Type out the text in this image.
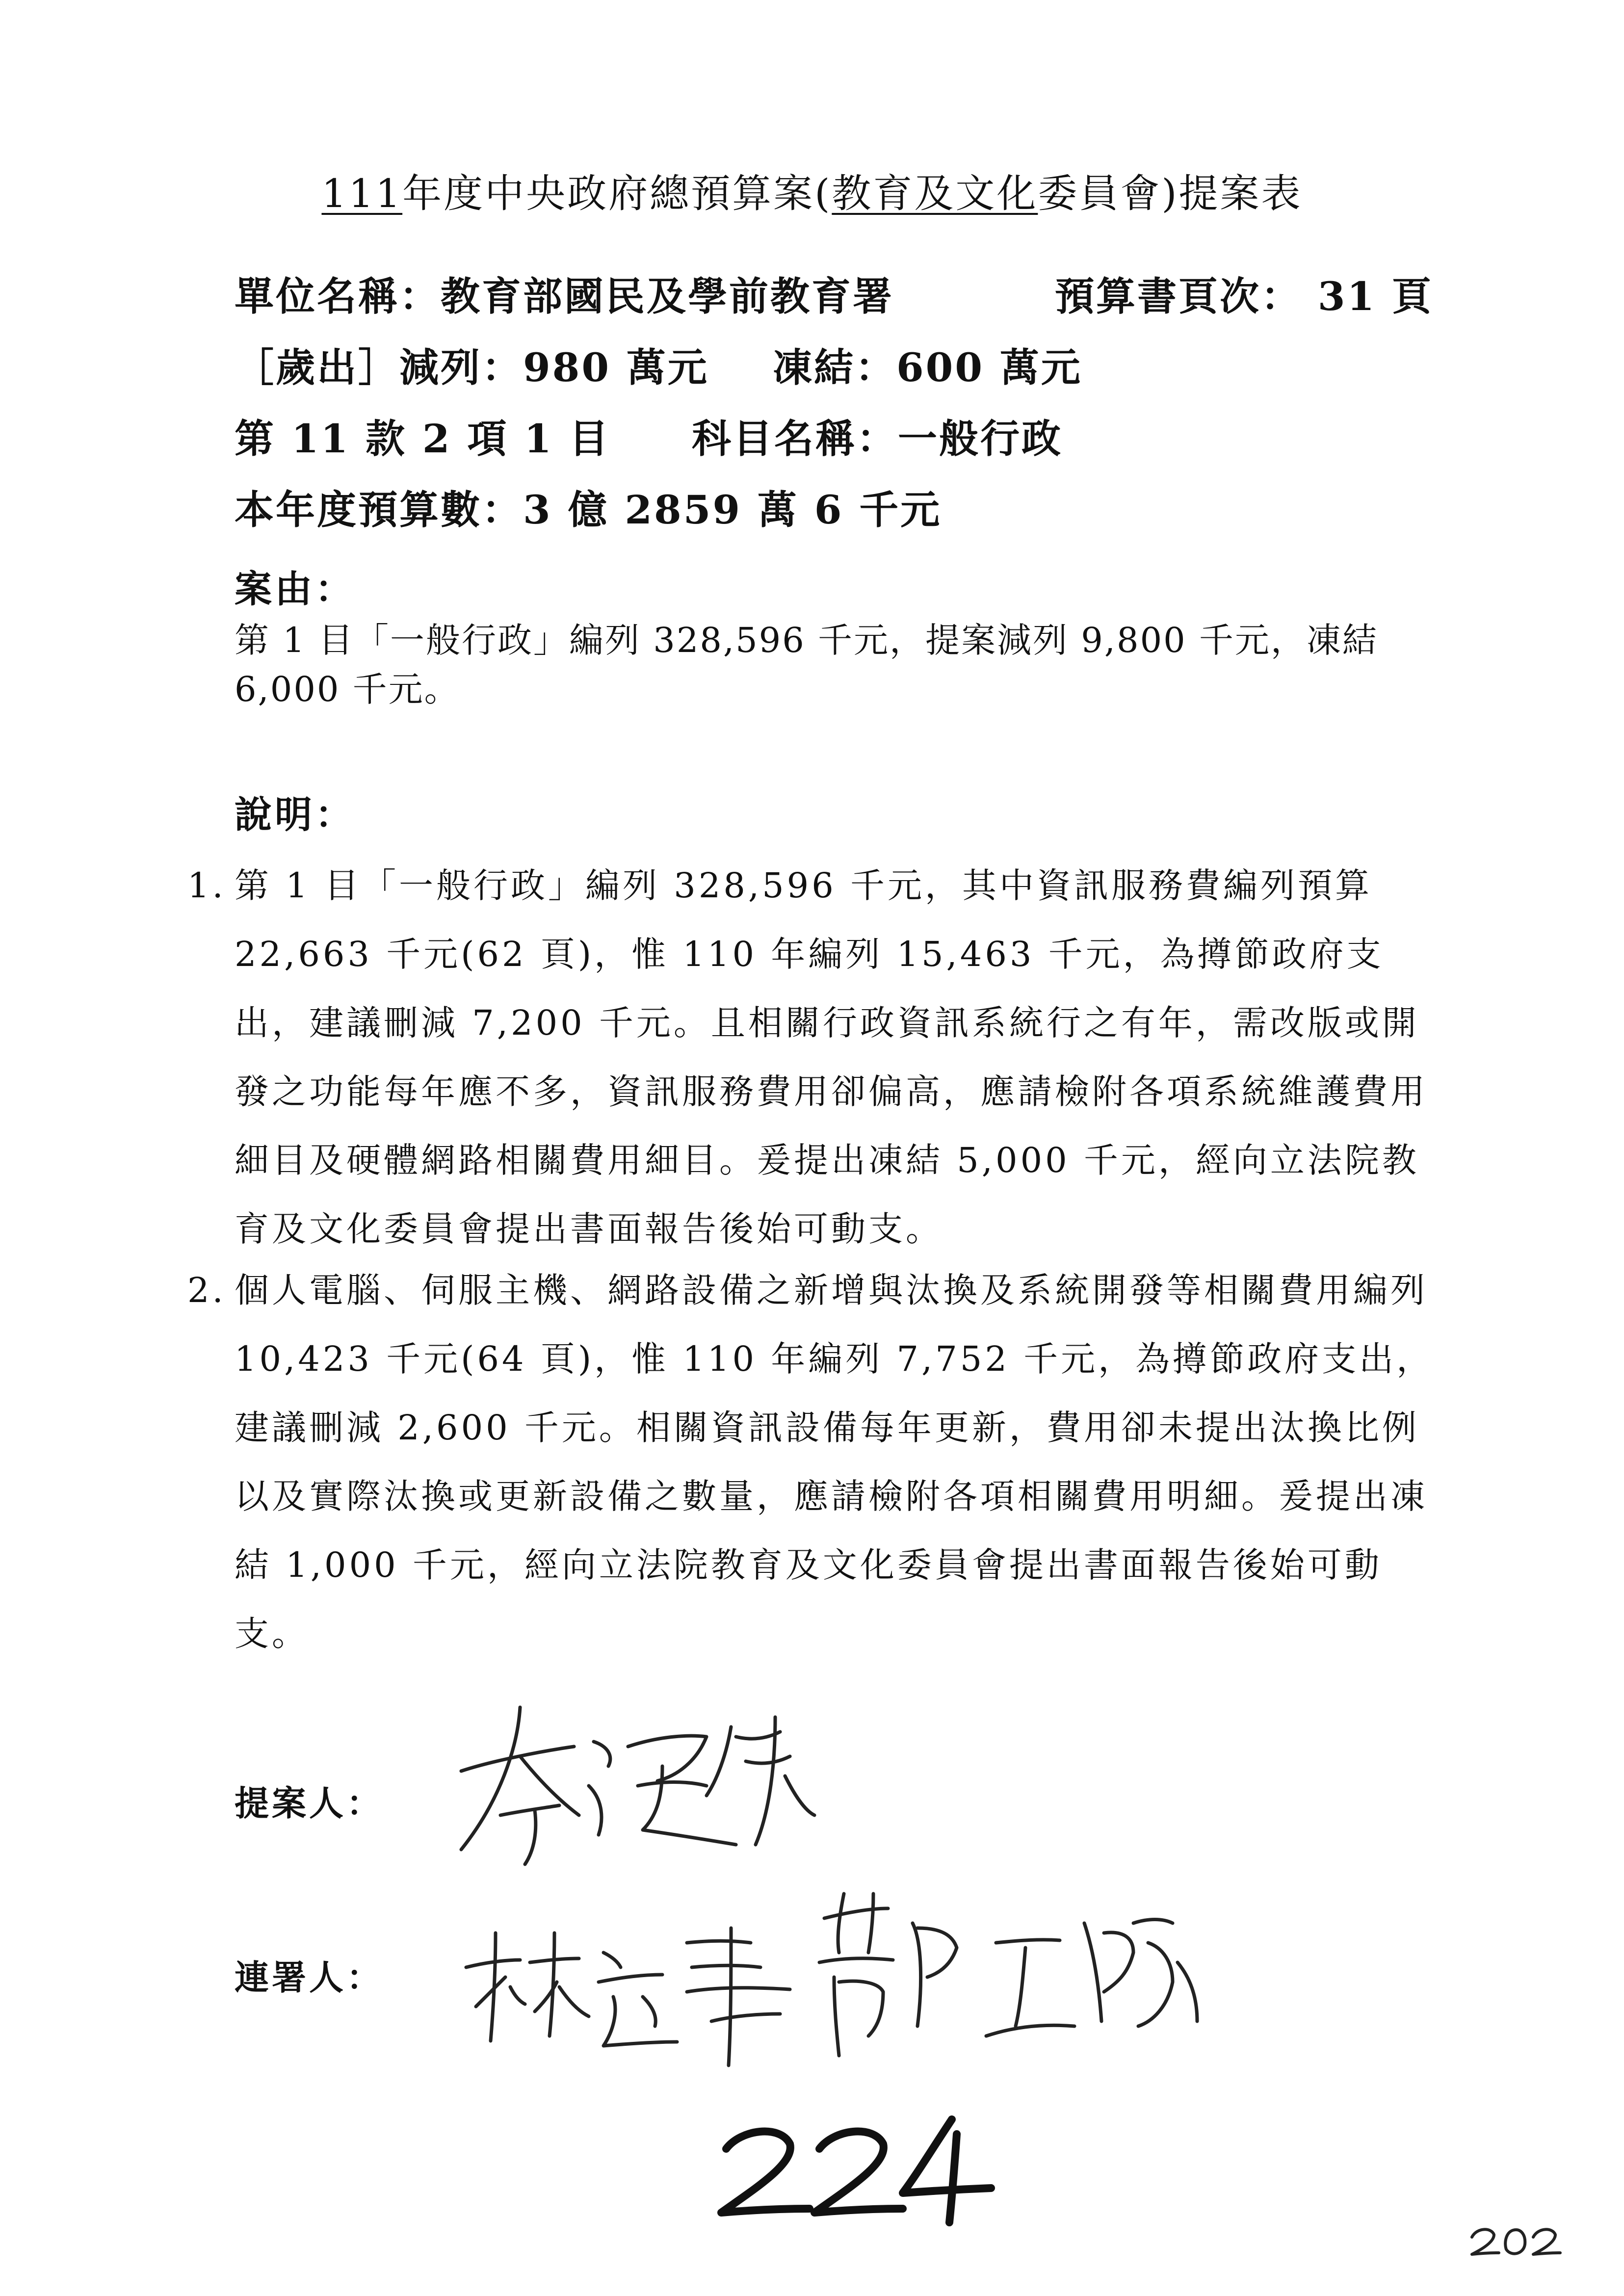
111年度中央政府總預算案(教育及文化委員會)提案表
單位名稱：教育部國民及學前教育署	預算書頁次： 31 頁
［歲出］減列：980 萬元 凍結：600 萬元
第 11 款 2 項 1 目 科目名稱：一般行政
本年度預算數：3 億 2859 萬 6 千元
案由：
第 1 目「一般行政」編列 328,596 千元，提案減列 9,800 千元，凍結 6,000 千元。
說明：
1. 第 1 目「一般行政」編列 328,596 千元，其中資訊服務費編列預算 22,663 千元(62 頁)，惟 110 年編列 15,463 千元，為撙節政府支出，建議刪減 7,200 千元。且相關行政資訊系統行之有年，需改版或開發之功能每年應不多，資訊服務費用卻偏高，應請檢附各項系統維護費用細目及硬體網路相關費用細目。爰提出凍結 5,000 千元，經向立法院教育及文化委員會提出書面報告後始可動支。
2. 個人電腦、伺服主機、網路設備之新增與汰換及系統開發等相關費用編列 10,423 千元(64 頁)，惟 110 年編列 7,752 千元，為撙節政府支出，建議刪減 2,600 千元。相關資訊設備每年更新，費用卻未提出汰換比例以及實際汰換或更新設備之數量，應請檢附各項相關費用明細。爰提出凍結 1,000 千元，經向立法院教育及文化委員會提出書面報告後始可動支。
提案人：
連署人：
